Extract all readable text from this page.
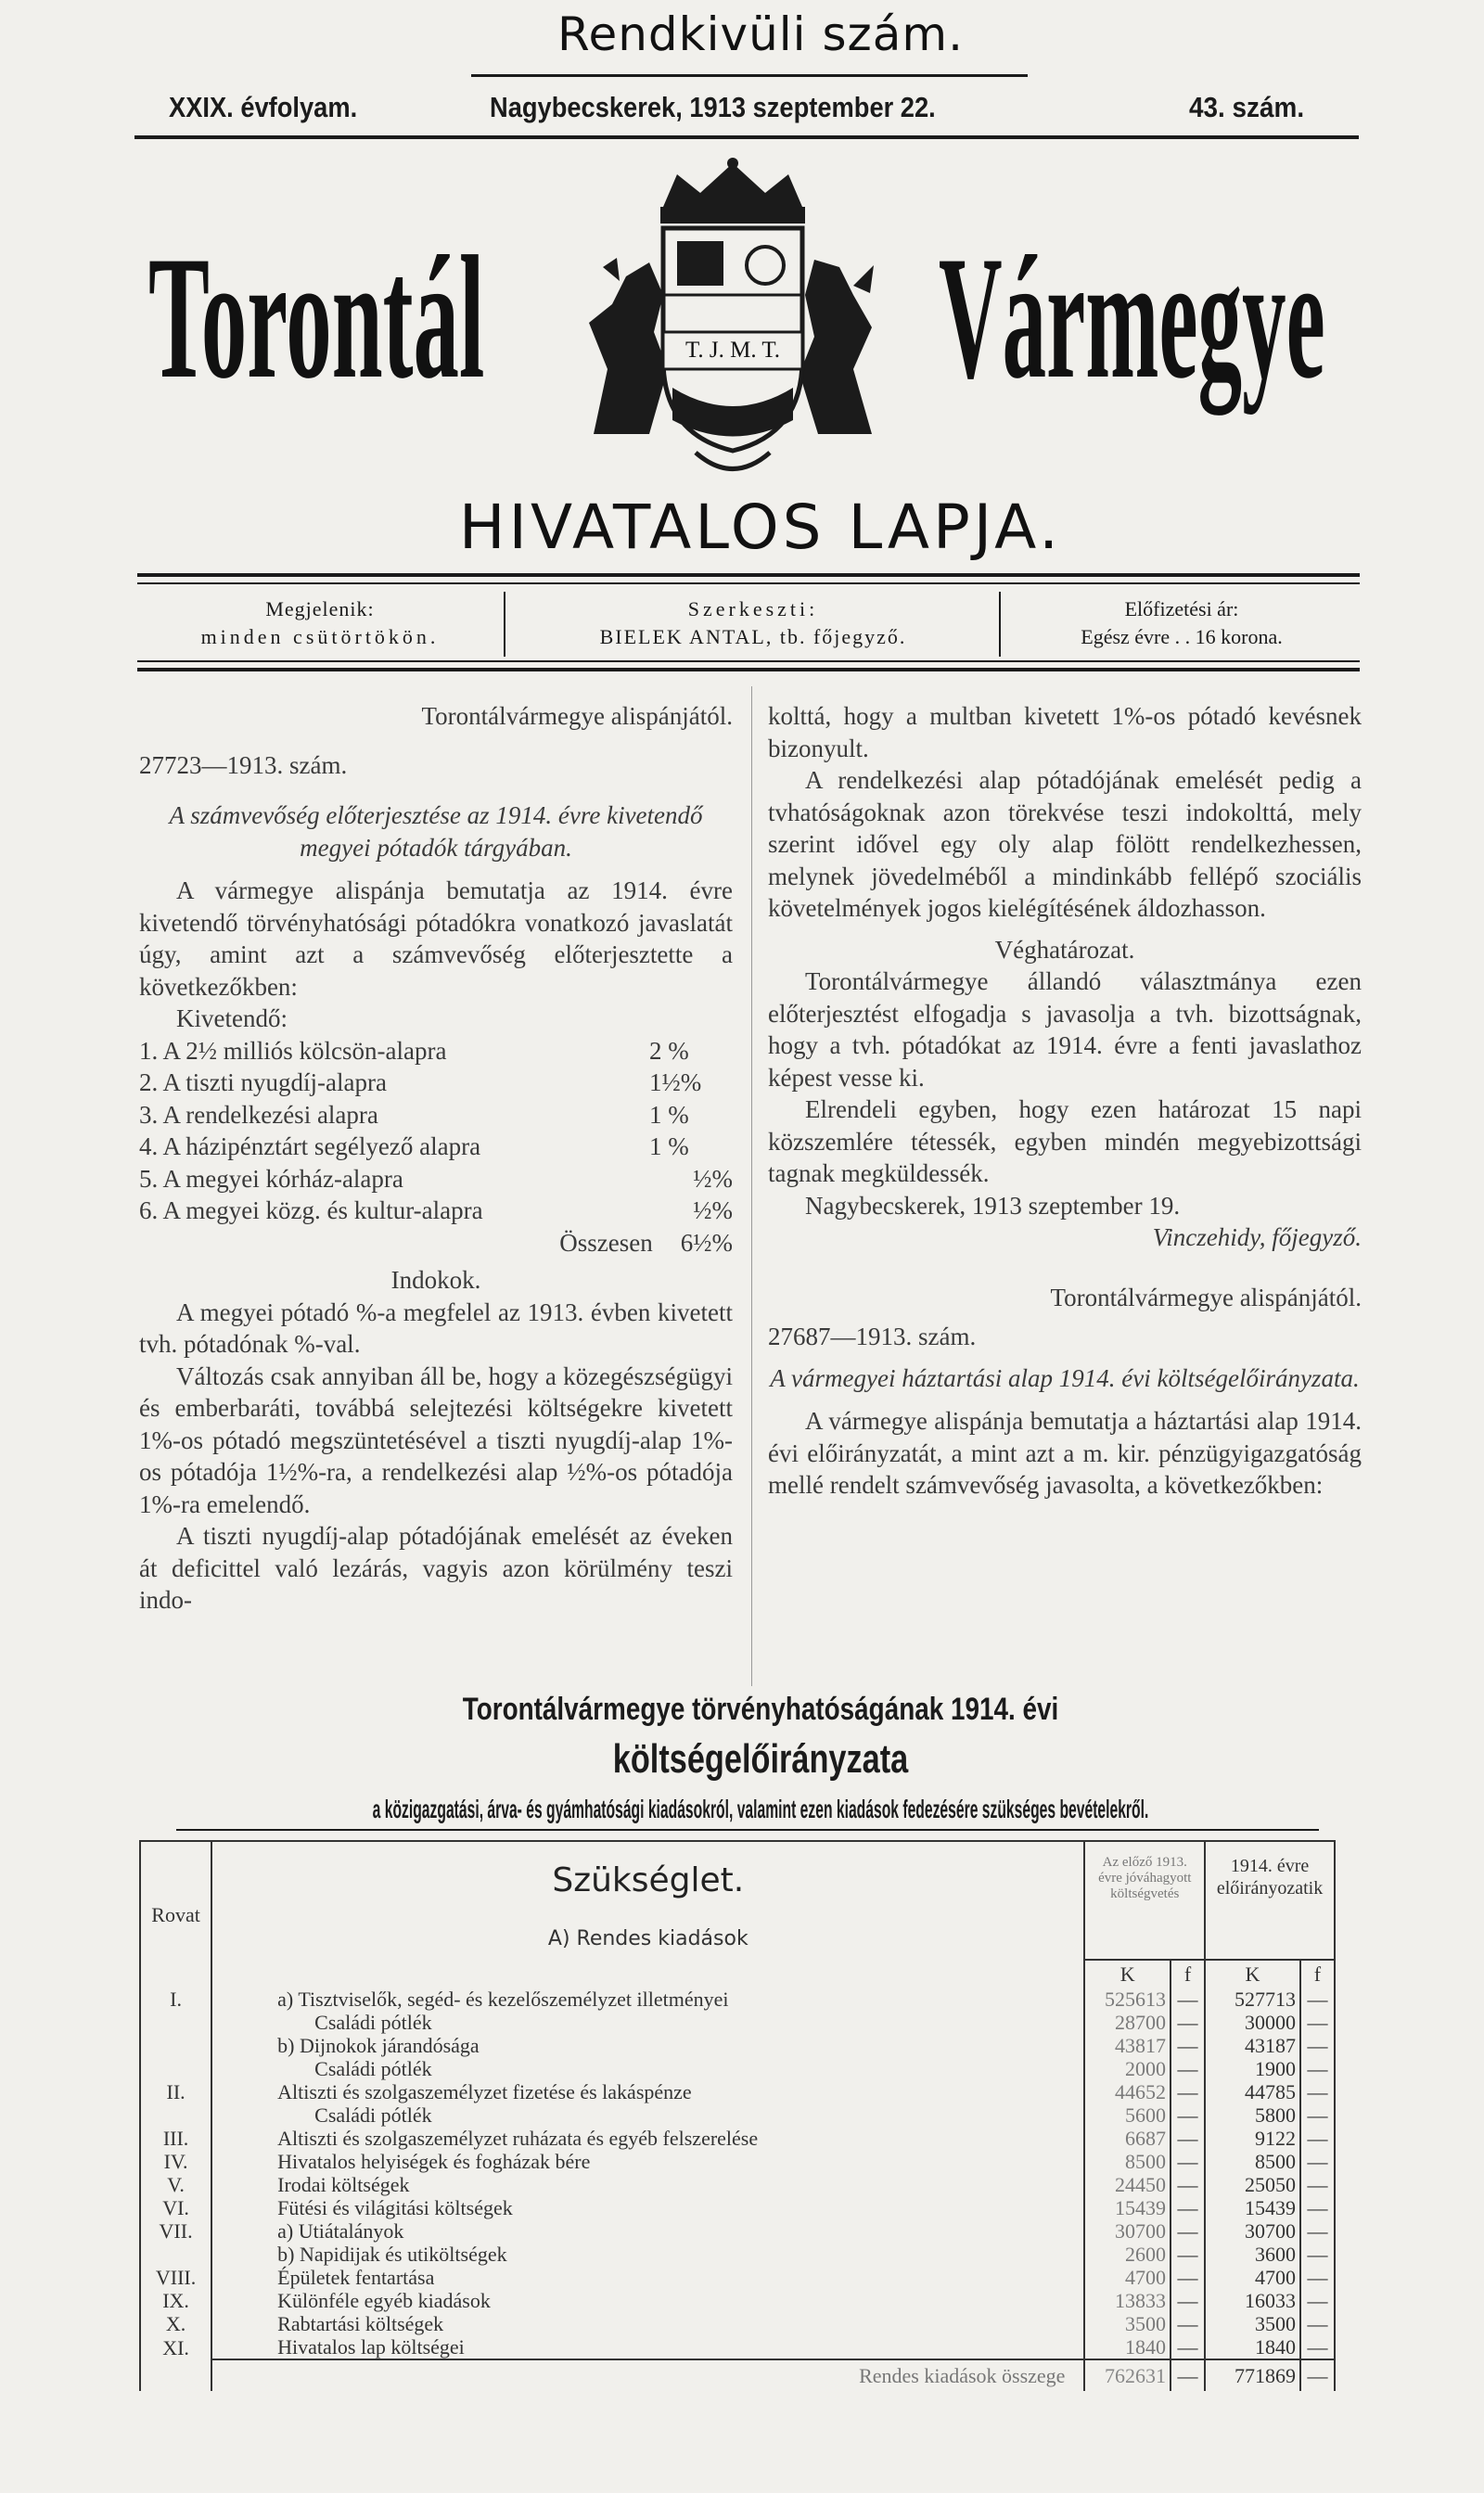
Rendkivüli szám.
XXIX. évfolyam.	Nagybecskerek, 1913 szeptember 22.	43. szám.
Torontál	Vármegye
T. J. M. T.
HIVATALOS LAPJA.
Megjelenik:
minden csütörtökön.
Szerkeszti:
BIELEK ANTAL, tb. főjegyző.
Előfizetési ár:
Egész évre . . 16 korona.

Torontálvármegye alispánjától.

27723—1913. szám.

A számvevőség előterjesztése az 1914. évre kivetendő megyei pótadók tárgyában.

A vármegye alispánja bemutatja az 1914. évre kivetendő törvényhatósági pótadókra vonatkozó javaslatát úgy, amint azt a számvevőség előterjesztette a következőkben:

Kivetendő:

1. A 2½ milliós kölcsön-alapra	2 %
2. A tiszti nyugdíj-alapra	1½%
3. A rendelkezési alapra	1 %
4. A házipénztárt segélyező alapra	1 %
5. A megyei kórház-alapra	½%
6. A megyei közg. és kultur-alapra	½%
Összesen 6½%

Indokok.

A megyei pótadó %-a megfelel az 1913. évben kivetett tvh. pótadónak %-val.

Változás csak annyiban áll be, hogy a közegészségügyi és emberbaráti, továbbá selejtezési költségekre kivetett 1%-os pótadó megszüntetésével a tiszti nyugdíj-alap 1%-os pótadója 1½%-ra, a rendelkezési alap ½%-os pótadója 1%-ra emelendő.

A tiszti nyugdíj-alap pótadójának emelését az éveken át deficittel való lezárás, vagyis azon körülmény teszi indo-

kolttá, hogy a multban kivetett 1%-os pótadó kevésnek bizonyult.

A rendelkezési alap pótadójának emelését pedig a tvhatóságoknak azon törekvése teszi indokolttá, mely szerint idővel egy oly alap fölött rendelkezhessen, melynek jövedelméből a mindinkább fellépő szociális követelmények jogos kielégítésének áldozhasson.

Véghatározat.

Torontálvármegye állandó választmánya ezen előterjesztést elfogadja s javasolja a tvh. bizottságnak, hogy a tvh. pótadókat az 1914. évre a fenti javaslathoz képest vesse ki.

Elrendeli egyben, hogy ezen határozat 15 napi közszemlére tétessék, egyben mindén megyebizottsági tagnak megküldessék.

Nagybecskerek, 1913 szeptember 19.

Vinczehidy, főjegyző.

Torontálvármegye alispánjától.

27687—1913. szám.

A vármegyei háztartási alap 1914. évi költségelőirányzata.

A vármegye alispánja bemutatja a háztartási alap 1914. évi előirányzatát, a mint azt a m. kir. pénzügyigazgatóság mellé rendelt számvevőség javasolta, a következőkben:

Torontálvármegye törvényhatóságának 1914. évi
költségelőirányzata
a közigazgatási, árva- és gyámhatósági kiadásokról, valamint ezen kiadások fedezésére szükséges bevételekről.
Rovat	Szükséglet.
A) Rendes kiadások	Az előző 1913. évre jóváhagyott költségvetés		1914. évre előirányozatik	
		K	f	K	f
I.	a) Tisztviselők, segéd- és kezelőszemélyzet illetményei	525613	—	527713	—
	Családi pótlék	28700	—	30000	—
	b) Dijnokok járandósága	43817	—	43187	—
	Családi pótlék	2000	—	1900	—
II.	Altiszti és szolgaszemélyzet fizetése és lakáspénze	44652	—	44785	—
	Családi pótlék	5600	—	5800	—
III.	Altiszti és szolgaszemélyzet ruházata és egyéb felszerelése	6687	—	9122	—
IV.	Hivatalos helyiségek és fogházak bére	8500	—	8500	—
V.	Irodai költségek	24450	—	25050	—
VI.	Fütési és világitási költségek	15439	—	15439	—
VII.	a) Utiátalányok	30700	—	30700	—
	b) Napidijak és utiköltségek	2600	—	3600	—
VIII.	Épületek fentartása	4700	—	4700	—
IX.	Különféle egyéb kiadások	13833	—	16033	—
X.	Rabtartási költségek	3500	—	3500	—
XI.	Hivatalos lap költségei	1840	—	1840	—
	Rendes kiadások összege	762631	—	771869	—
